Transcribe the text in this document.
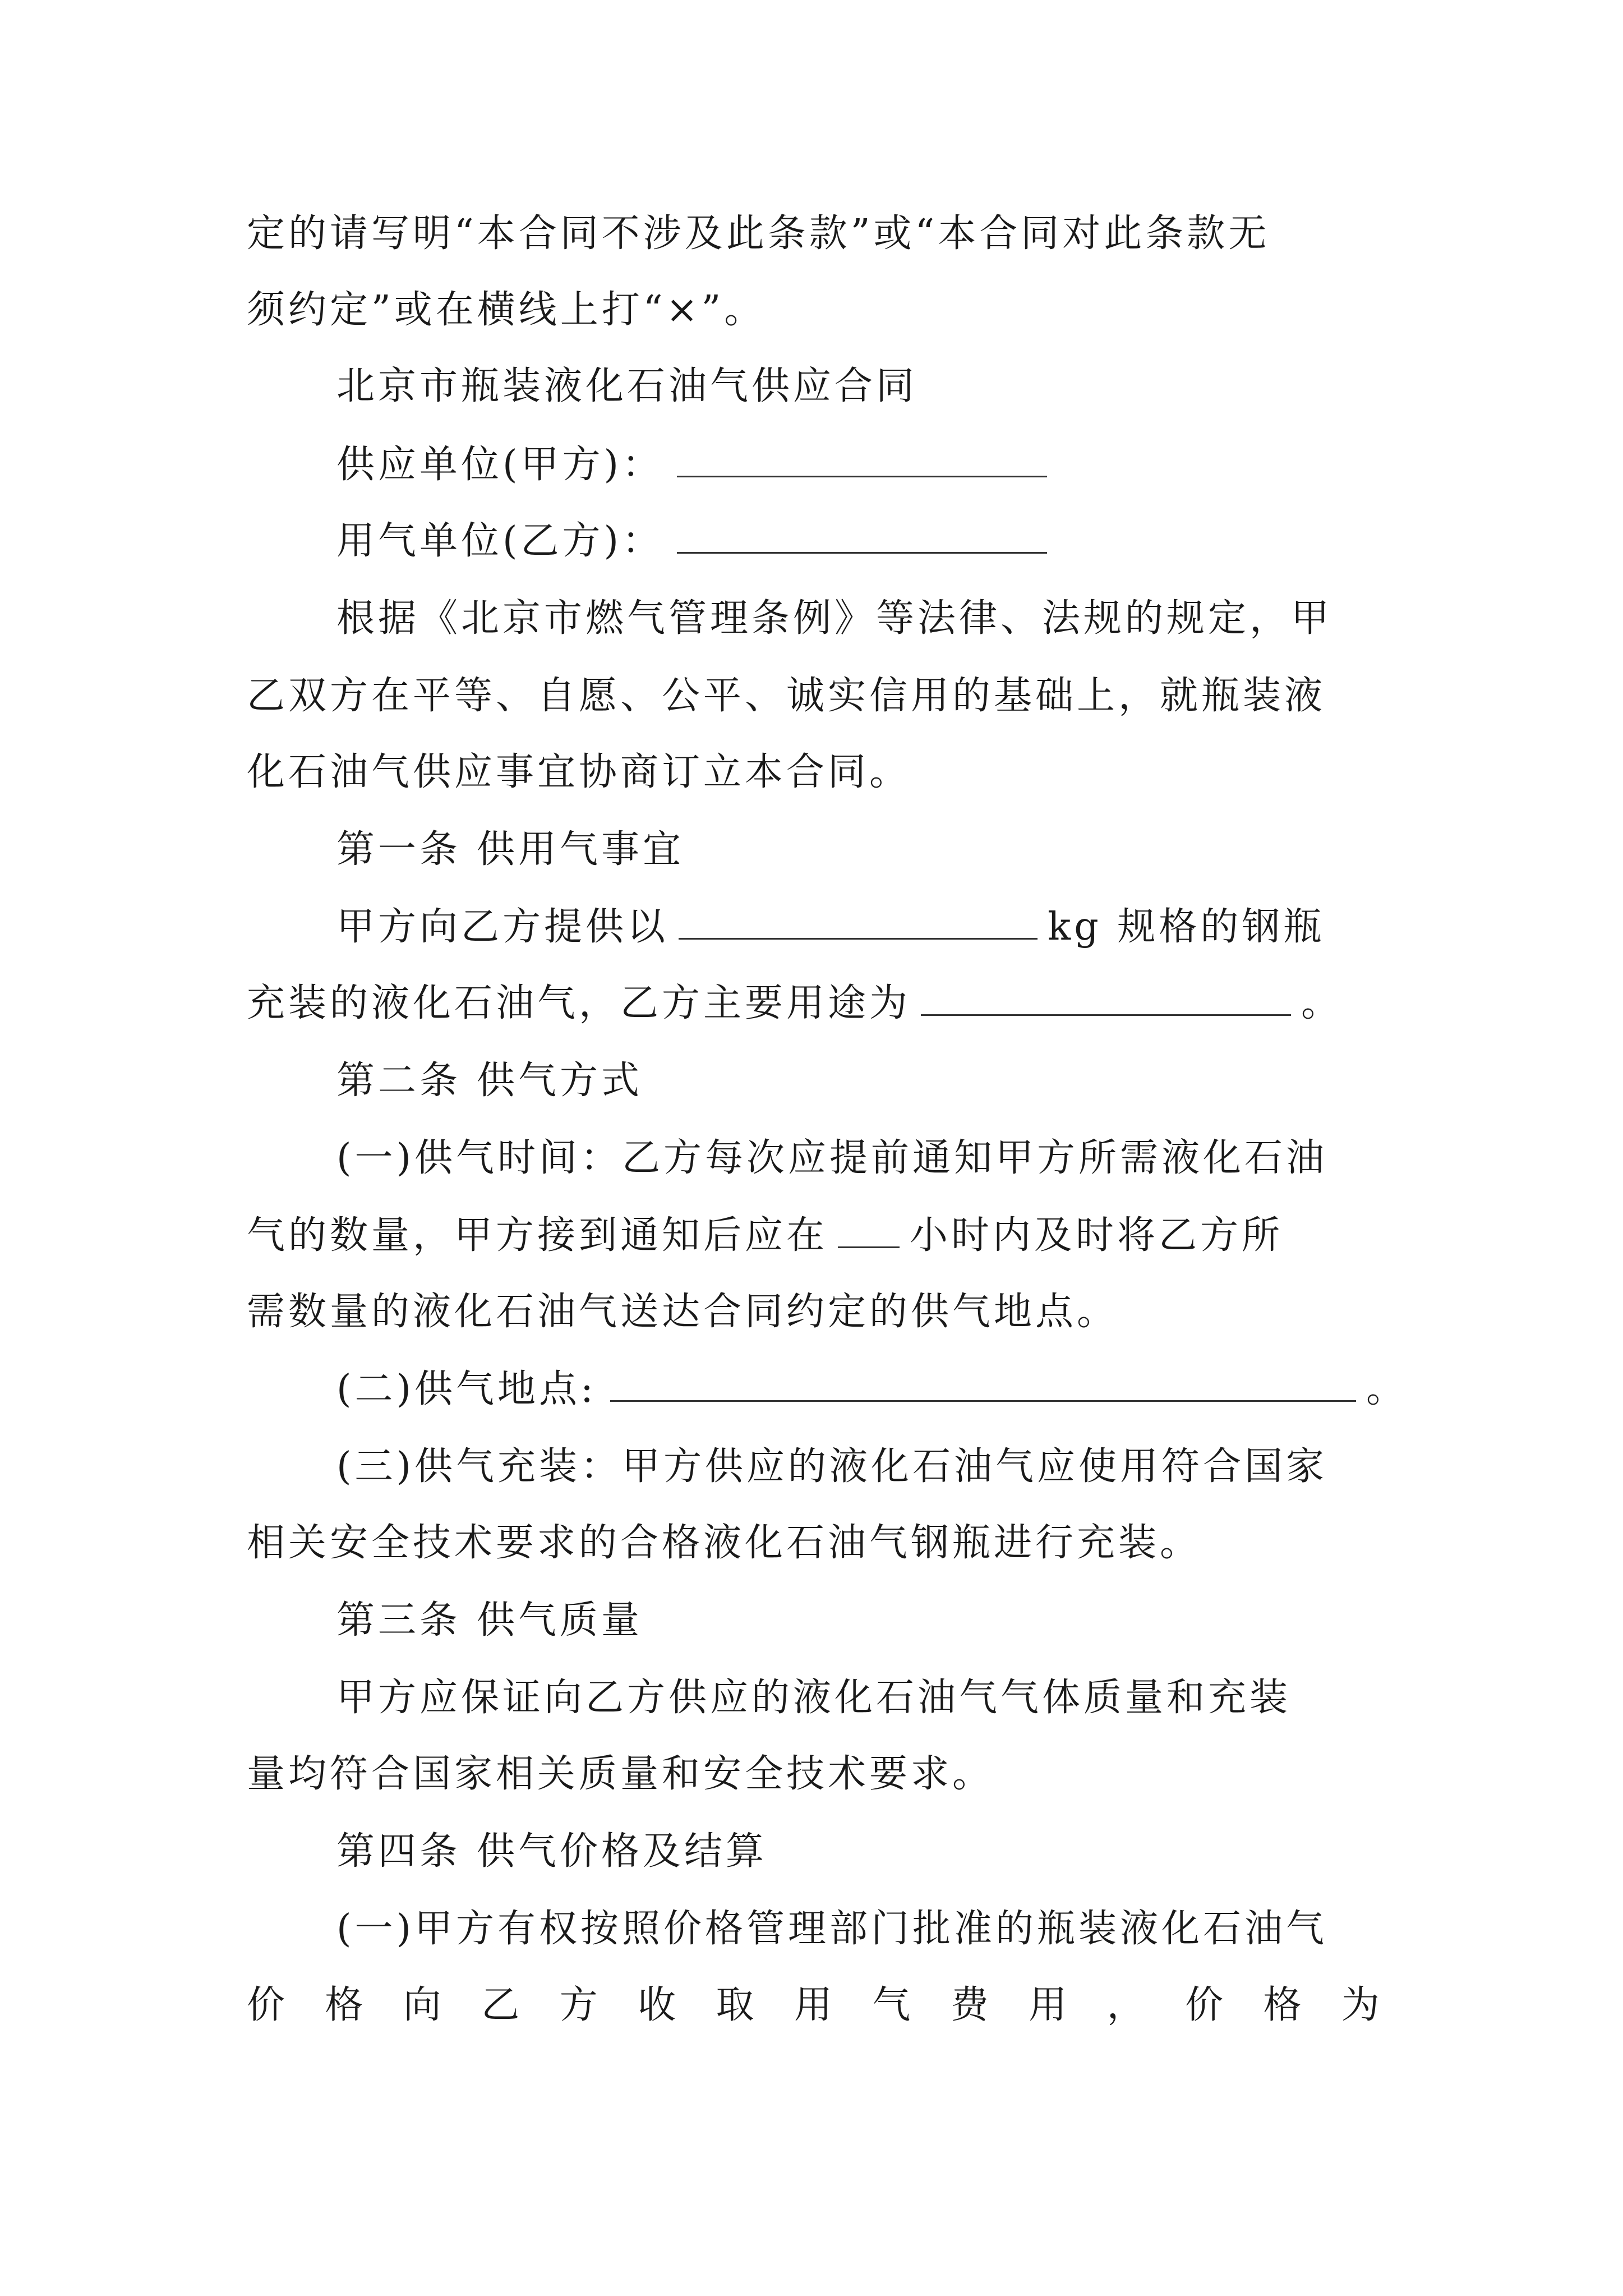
定的请写明“本合同不涉及此条款”或“本合同对此条款无
须约定”或在横线上打“×”。
北京市瓶装液化石油气供应合同
供应单位(甲方)：
用气单位(乙方)：
根据《北京市燃气管理条例》等法律、法规的规定，甲
乙双方在平等、自愿、公平、诚实信用的基础上，就瓶装液
化石油气供应事宜协商订立本合同。
第一条 供用气事宜
甲方向乙方提供以	kg 规格的钢瓶
充装的液化石油气，乙方主要用途为	。
第二条 供气方式
(一)供气时间：乙方每次应提前通知甲方所需液化石油
气的数量，甲方接到通知后应在 小时内及时将乙方所
需数量的液化石油气送达合同约定的供气地点。
(二)供气地点:	。
(三)供气充装：甲方供应的液化石油气应使用符合国家
相关安全技术要求的合格液化石油气钢瓶进行充装。
第三条 供气质量
甲方应保证向乙方供应的液化石油气气体质量和充装
量均符合国家相关质量和安全技术要求。
第四条 供气价格及结算
(一)甲方有权按照价格管理部门批准的瓶装液化石油气
价 格 向 乙 方 收 取 用 气 费 用 ， 价 格 为
